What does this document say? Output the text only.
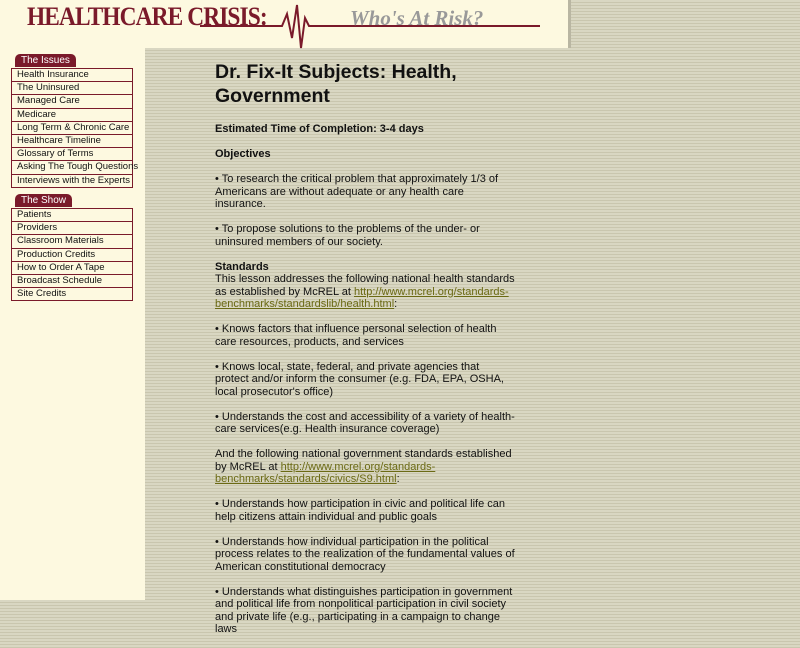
HEALTHCARE CRISIS:	Who's At Risk?
The Issues
Health Insurance
The Uninsured
Managed Care
Medicare
Long Term & Chronic Care
Healthcare Timeline
Glossary of Terms
Asking The Tough Questions
Interviews with the Experts
The Show
Patients
Providers
Classroom Materials
Production Credits
How to Order A Tape
Broadcast Schedule
Site Credits
Dr. Fix-It Subjects: Health, Government

Estimated Time of Completion: 3-4 days

Objectives

• To research the critical problem that approximately 1/3 of Americans are without adequate or any health care insurance.

• To propose solutions to the problems of the under- or uninsured members of our society.

Standards

This lesson addresses the following national health standards as established by McREL at http://www.mcrel.org/standards-benchmarks/standardslib/health.html:

• Knows factors that influence personal selection of health care resources, products, and services

• Knows local, state, federal, and private agencies that protect and/or inform the consumer (e.g. FDA, EPA, OSHA, local prosecutor's office)

• Understands the cost and accessibility of a variety of health-care services(e.g. Health insurance coverage)

And the following national government standards established by McREL at http://www.mcrel.org/standards-benchmarks/standards/civics/S9.html:

• Understands how participation in civic and political life can help citizens attain individual and public goals

• Understands how individual participation in the political process relates to the realization of the fundamental values of American constitutional democracy

• Understands what distinguishes participation in government and political life from nonpolitical participation in civil society and private life (e.g., participating in a campaign to change laws
